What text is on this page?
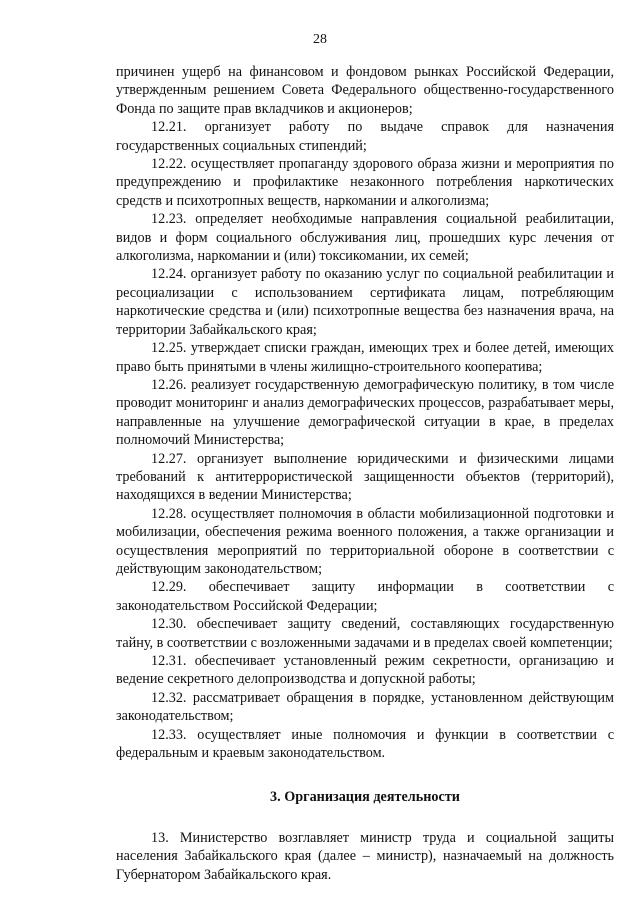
28

причинен ущерб на финансовом и фондовом рынках Российской Федерации, утвержденным решением Совета Федерального общественно-государственного Фонда по защите прав вкладчиков и акционеров;

12.21. организует работу по выдаче справок для назначения государственных социальных стипендий;

12.22. осуществляет пропаганду здорового образа жизни и мероприятия по предупреждению и профилактике незаконного потребления наркотических средств и психотропных веществ, наркомании и алкоголизма;

12.23. определяет необходимые направления социальной реабилитации, видов и форм социального обслуживания лиц, прошедших курс лечения от алкоголизма, наркомании и (или) токсикомании, их семей;

12.24. организует работу по оказанию услуг по социальной реабилитации и ресоциализации с использованием сертификата лицам, потребляющим наркотические средства и (или) психотропные вещества без назначения врача, на территории Забайкальского края;

12.25. утверждает списки граждан, имеющих трех и более детей, имеющих право быть принятыми в члены жилищно-строительного кооператива;

12.26. реализует государственную демографическую политику, в том числе проводит мониторинг и анализ демографических процессов, разрабатывает меры, направленные на улучшение демографической ситуации в крае, в пределах полномочий Министерства;

12.27. организует выполнение юридическими и физическими лицами требований к антитеррористической защищенности объектов (территорий), находящихся в ведении Министерства;

12.28. осуществляет полномочия в области мобилизационной подготовки и мобилизации, обеспечения режима военного положения, а также организации и осуществления мероприятий по территориальной обороне в соответствии с действующим законодательством;

12.29. обеспечивает защиту информации в соответствии с законодательством Российской Федерации;

12.30. обеспечивает защиту сведений, составляющих государственную тайну, в соответствии с возложенными задачами и в пределах своей компетенции;

12.31. обеспечивает установленный режим секретности, организацию и ведение секретного делопроизводства и допускной работы;

12.32. рассматривает обращения в порядке, установленном действующим законодательством;

12.33. осуществляет иные полномочия и функции в соответствии с федеральным и краевым законодательством.

3. Организация деятельности

13. Министерство возглавляет министр труда и социальной защиты населения Забайкальского края (далее – министр), назначаемый на должность Губернатором Забайкальского края.
